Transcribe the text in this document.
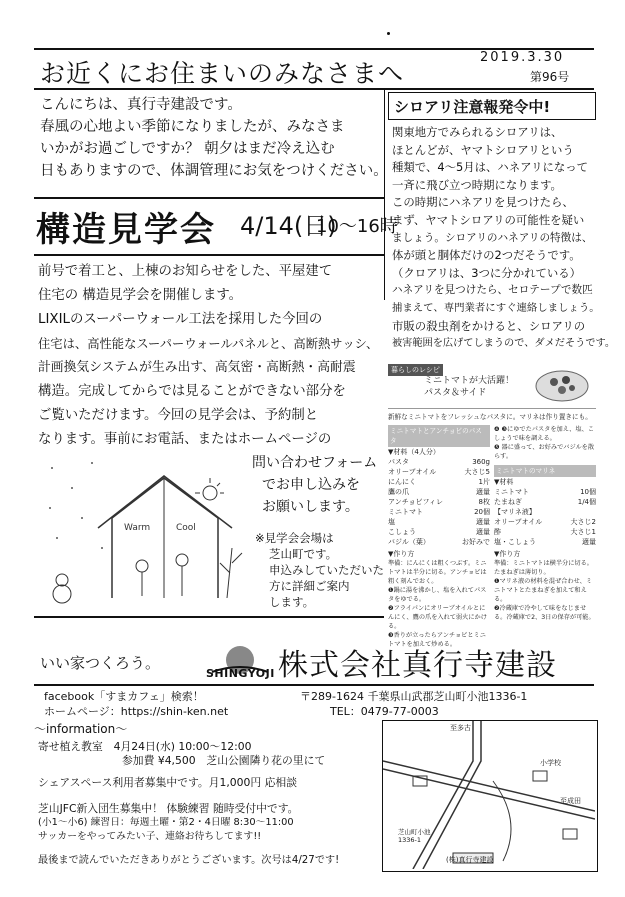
お近くにお住まいのみなさまへ
2019.3.30
第96号
こんにちは、真行寺建設です。
春風の心地よい季節になりましたが、みなさま
いかがお過ごしですか？ 朝夕はまだ冷え込む
日もありますので、体調管理にお気をつけください。
構造見学会 4/14(日)
10～16時
前号で着工と、上棟のお知らせをした、平屋建て
住宅の 構造見学会を開催します。
LIXILのスーパーウォール工法を採用した今回の
住宅は、高性能なスーパーウォールパネルと、高断熱サッシ、
計画換気システムが生み出す、高気密・高断熱・高耐震
構造。完成してからでは見ることができない部分を
ご覧いただけます。今回の見学会は、予約制と
なります。事前にお電話、またはホームページの
問い合わせフォーム
でお申し込みを
お願いします。
Warm	Cool
※見学会会場は
芝山町です。
申込みしていただいた
方に詳細ご案内
します。
シロアリ注意報発令中!
関東地方でみられるシロアリは、
ほとんどが、ヤマトシロアリという
種類で、4～5月は、ハネアリになって
一斉に飛び立つ時期になります。
この時期にハネアリを見つけたら、
まず、ヤマトシロアリの可能性を疑い
ましょう。シロアリのハネアリの特徴は、
体が頭と胴体だけの2つだそうです。
（クロアリは、3つに分かれている）
ハネアリを見つけたら、セロテープで数匹
捕まえて、専門業者にすぐ連絡しましょう。
市販の殺虫剤をかけると、シロアリの
被害範囲を広げてしまうので、ダメだそうです。
暮らしのレシピ
ミニトマトが大活躍！
パスタ＆サイド
新鮮なミニトマトをフレッシュなパスタに。マリネは作り置きにも。
ミニトマトとアンチョビのパスタ
▼材料（4人分）
パスタ	360g
オリーブオイル	大さじ5
にんにく	1片
鷹の爪	適量
アンチョビフィレ	8枚
ミニトマト	20個
塩	適量
こしょう	適量
バジル（葉）	お好みで
▼作り方
準備：にんにくは粗くつぶす。ミニトマトは半分に切る。アンチョビは粗く刻んでおく。
❶鍋に湯を沸かし、塩を入れてパスタをゆでる。
❷フライパンにオリーブオイルとにんにく、鷹の爪を入れて弱火にかける。
❸香りが立ったらアンチョビとミニトマトを加えて炒める。
❹ ❸にゆでたパスタを加え、塩、こしょうで味を調える。
❺ 器に盛って、お好みでバジルを散らす。
ミニトマトのマリネ
▼材料
ミニトマト	10個
たまねぎ	1/4個
【マリネ液】
オリーブオイル	大さじ2
酢	大さじ1
塩・こしょう	適量
▼作り方
準備：ミニトマトは横半分に切る。たまねぎは薄切り。
❶マリネ液の材料を混ぜ合わせ、ミニトマトとたまねぎを加えて和える。
❷冷蔵庫で冷やして味をなじませる。冷蔵庫で2、3日の保存が可能。
いい家つくろう。
SHINGYOJI 株式会社真行寺建設
facebook「すまカフェ」検索！
ホームページ：https://shin-ken.net
〒289-1624 千葉県山武郡芝山町小池1336-1
TEL：0479-77-0003
～information～
寄せ植え教室　4月24日(水) 10:00～12:00
参加費 ¥4,500　芝山公園隣り花の里にて
シェアスペース利用者募集中です。月1,000円 応相談
芝山JFC新入団生募集中！ 体験練習 随時受付中です。
(小1～小6) 練習日：毎週土曜・第2・4日曜 8:30～11:00
サッカーをやってみたい子、連絡お待ちしてます!!
最後まで読んでいただきありがとうございます。次号は4/27です!
至多古
小学校
至成田
芝山町小池1336-1
(株)真行寺建設
